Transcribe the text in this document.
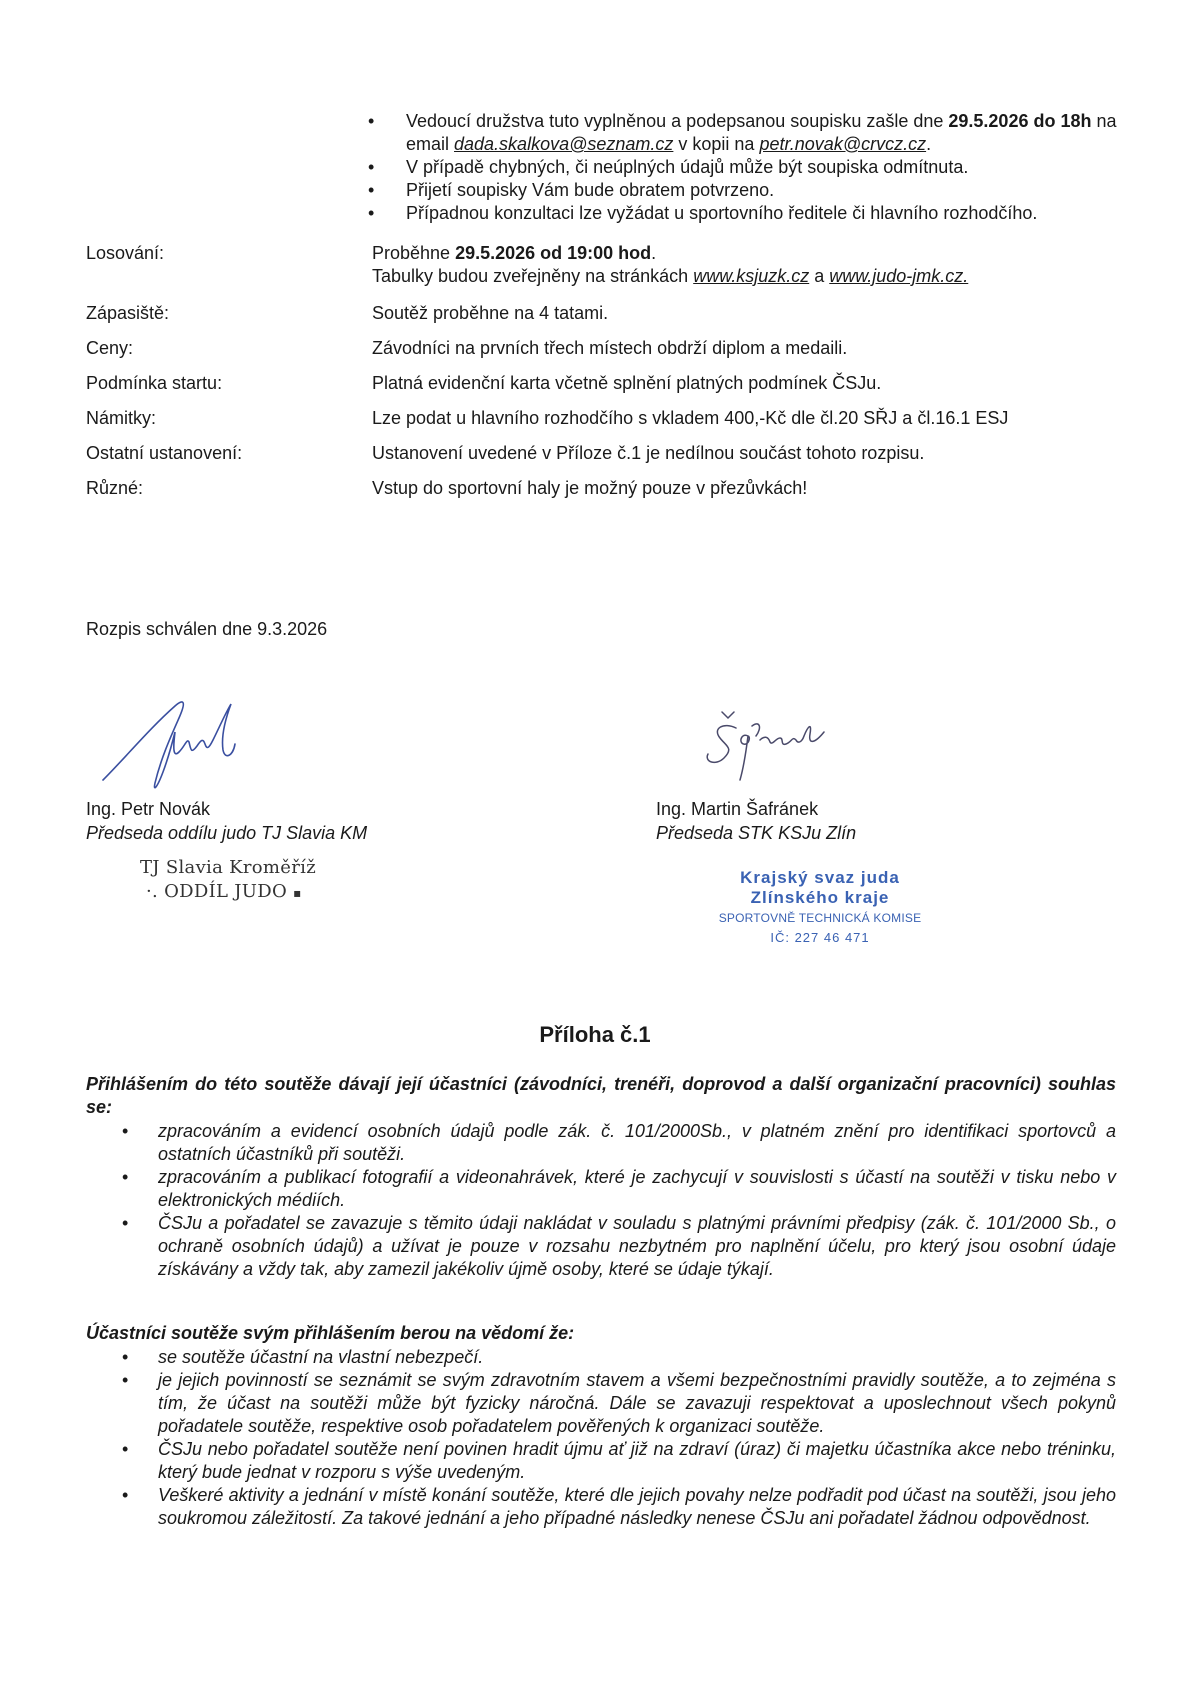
• Vedoucí družstva tuto vyplněnou a podepsanou soupisku zašle dne 29.5.2026 do 18h na email dada.skalkova@seznam.cz v kopii na petr.novak@crvcz.cz.
• V případě chybných, či neúplných údajů může být soupiska odmítnuta.
• Přijetí soupisky Vám bude obratem potvrzeno.
• Případnou konzultaci lze vyžádat u sportovního ředitele či hlavního rozhodčího.
Losování:	Proběhne 29.5.2026 od 19:00 hod.
Tabulky budou zveřejněny na stránkách www.ksjuzk.cz a www.judo-jmk.cz.
Zápasiště:	Soutěž proběhne na 4 tatami.
Ceny:	Závodníci na prvních třech místech obdrží diplom a medaili.
Podmínka startu:	Platná evidenční karta včetně splnění platných podmínek ČSJu.
Námitky:	Lze podat u hlavního rozhodčího s vkladem 400,-Kč dle čl.20 SŘJ a čl.16.1 ESJ
Ostatní ustanovení:	Ustanovení uvedené v Příloze č.1 je nedílnou součást tohoto rozpisu.
Různé:	Vstup do sportovní haly je možný pouze v přezůvkách!
Rozpis schválen dne 9.3.2026
Ing. Petr Novák
Předseda oddílu judo TJ Slavia KM
TJ Slavia Kroměříž
·. ODDÍL JUDO ▪
Ing. Martin Šafránek
Předseda STK KSJu Zlín
Krajský svaz juda
Zlínského kraje
SPORTOVNĚ TECHNICKÁ KOMISE
IČ: 227 46 471
Příloha č.1
Přihlášením do této soutěže dávají její účastníci (závodníci, trenéři, doprovod a další organizační pracovníci) souhlas se:
• zpracováním a evidencí osobních údajů podle zák. č. 101/2000Sb., v platném znění pro identifikaci sportovců a ostatních účastníků při soutěži.
• zpracováním a publikací fotografií a videonahrávek, které je zachycují v souvislosti s účastí na soutěži v tisku nebo v elektronických médiích.
• ČSJu a pořadatel se zavazuje s těmito údaji nakládat v souladu s platnými právními předpisy (zák. č. 101/2000 Sb., o ochraně osobních údajů) a užívat je pouze v rozsahu nezbytném pro naplnění účelu, pro který jsou osobní údaje získávány a vždy tak, aby zamezil jakékoliv újmě osoby, které se údaje týkají.
Účastníci soutěže svým přihlášením berou na vědomí že:
• se soutěže účastní na vlastní nebezpečí.
• je jejich povinností se seznámit se svým zdravotním stavem a všemi bezpečnostními pravidly soutěže, a to zejména s tím, že účast na soutěži může být fyzicky náročná. Dále se zavazuji respektovat a uposlechnout všech pokynů pořadatele soutěže, respektive osob pořadatelem pověřených k organizaci soutěže.
• ČSJu nebo pořadatel soutěže není povinen hradit újmu ať již na zdraví (úraz) či majetku účastníka akce nebo tréninku, který bude jednat v rozporu s výše uvedeným.
• Veškeré aktivity a jednání v místě konání soutěže, které dle jejich povahy nelze podřadit pod účast na soutěži, jsou jeho soukromou záležitostí. Za takové jednání a jeho případné následky nenese ČSJu ani pořadatel žádnou odpovědnost.
